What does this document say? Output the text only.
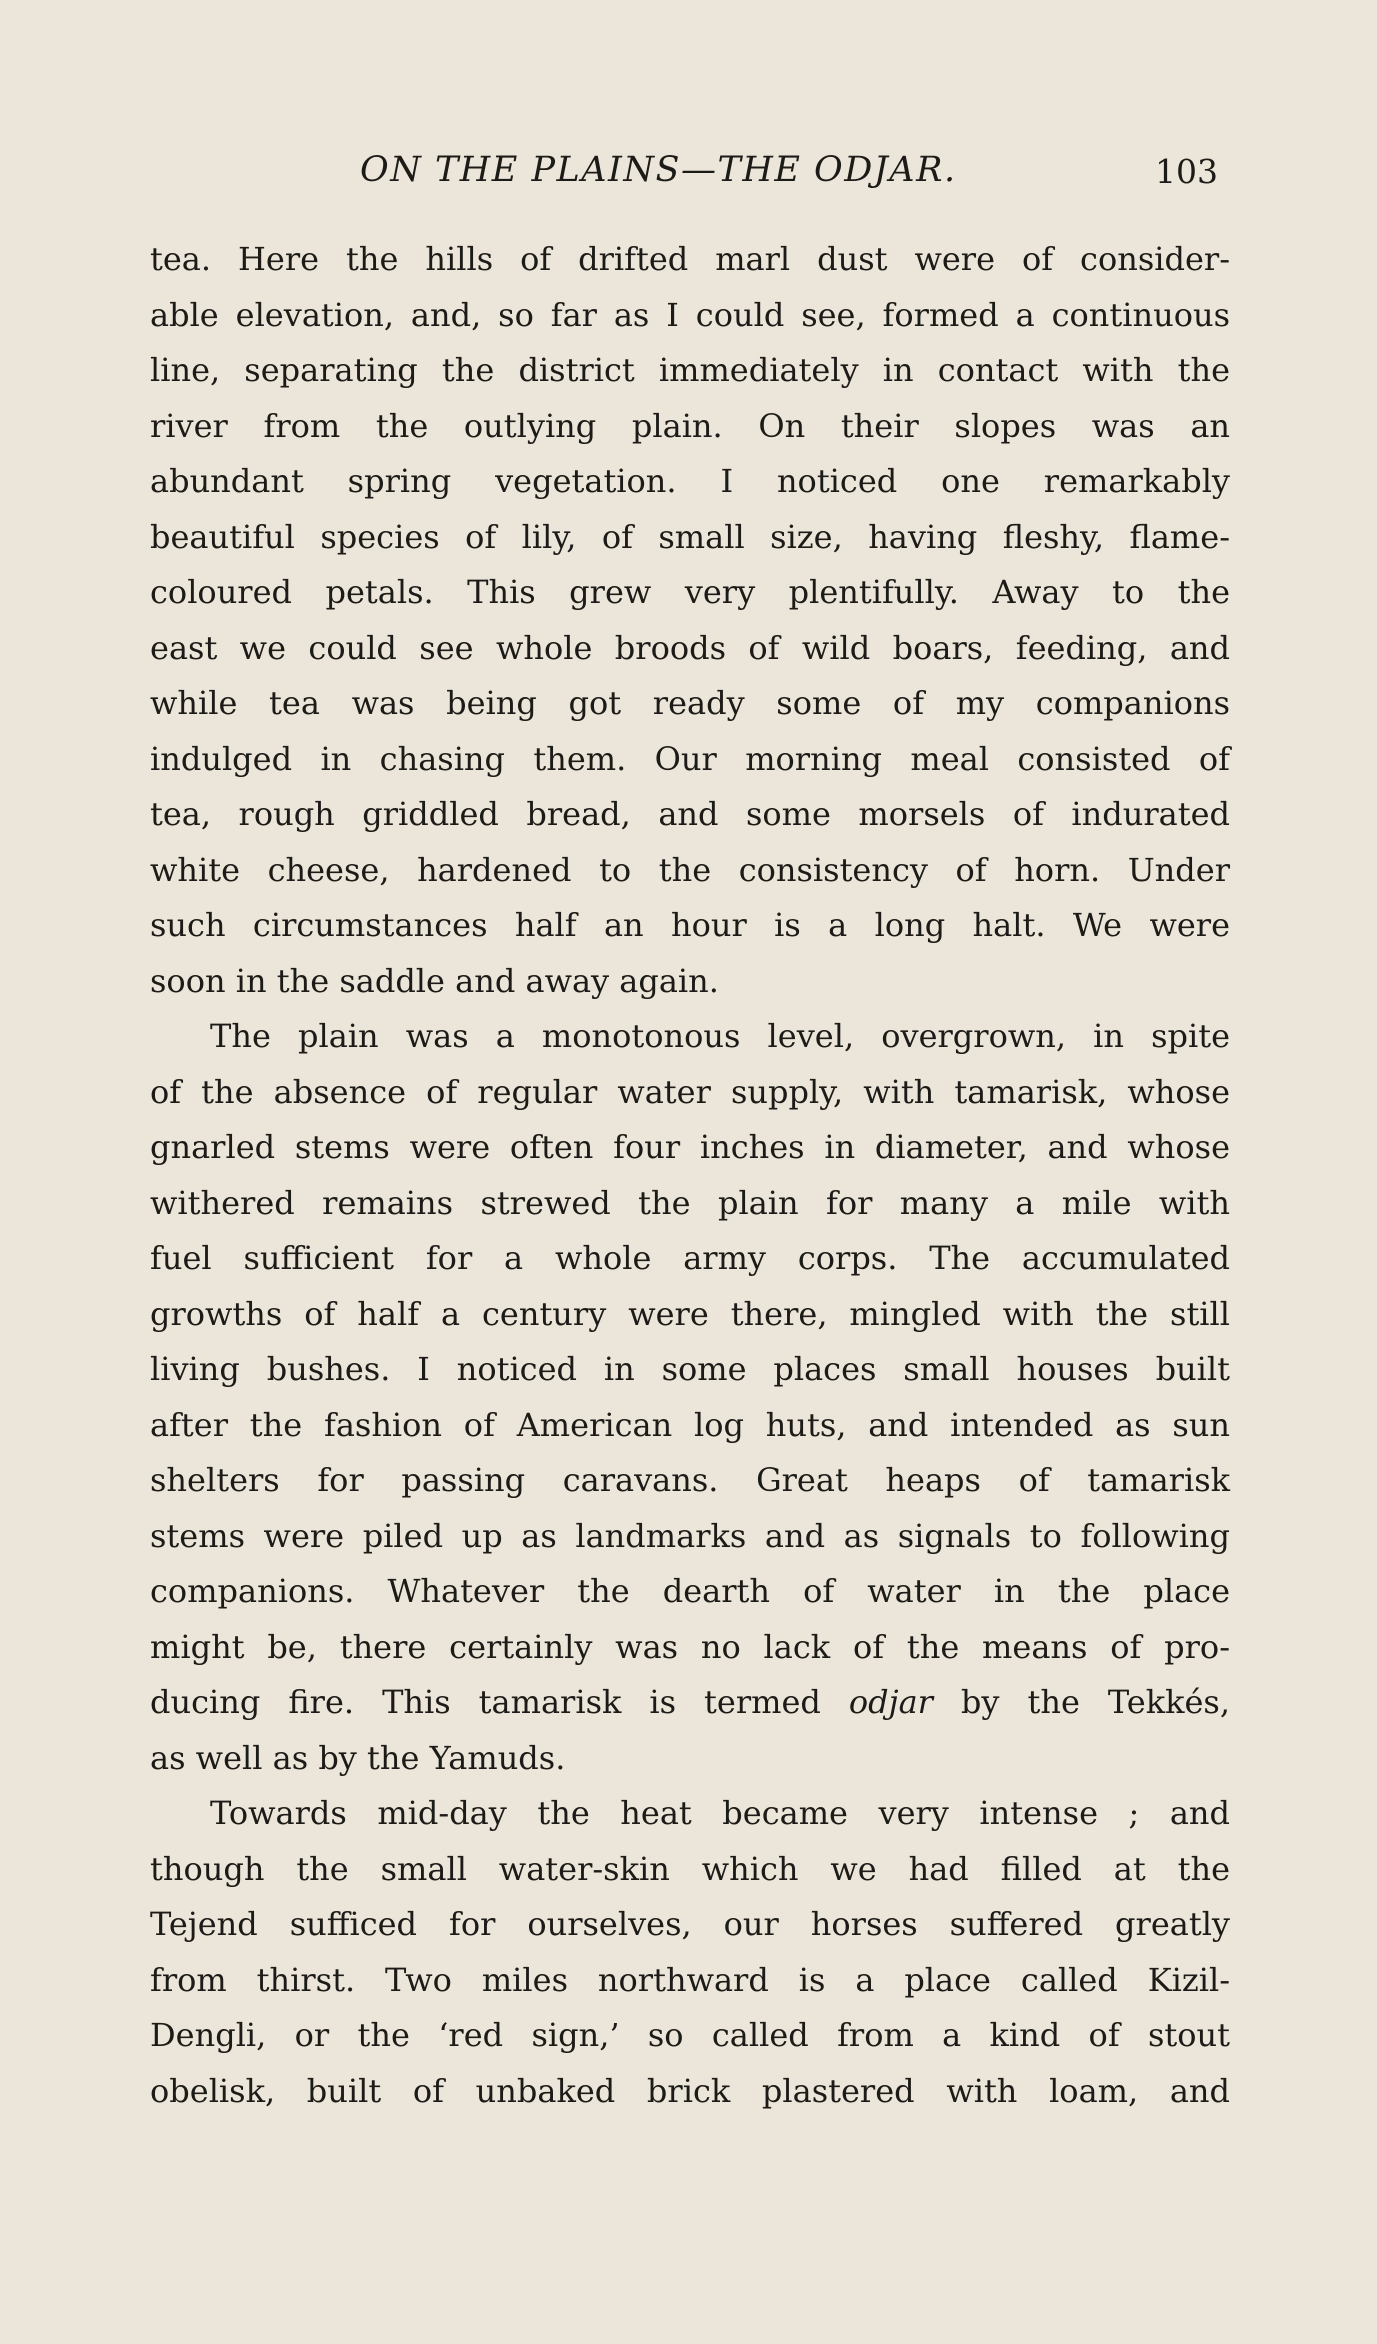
ON THE PLAINS—THE ODJAR.	103
tea. Here the hills of drifted marl dust were of consider-
able elevation, and, so far as I could see, formed a continuous
line, separating the district immediately in contact with the
river from the outlying plain. On their slopes was an
abundant spring vegetation. I noticed one remarkably
beautiful species of lily, of small size, having fleshy, flame-
coloured petals. This grew very plentifully. Away to the
east we could see whole broods of wild boars, feeding, and
while tea was being got ready some of my companions
indulged in chasing them. Our morning meal consisted of
tea, rough griddled bread, and some morsels of indurated
white cheese, hardened to the consistency of horn. Under
such circumstances half an hour is a long halt. We were
soon in the saddle and away again.
The plain was a monotonous level, overgrown, in spite
of the absence of regular water supply, with tamarisk, whose
gnarled stems were often four inches in diameter, and whose
withered remains strewed the plain for many a mile with
fuel sufficient for a whole army corps. The accumulated
growths of half a century were there, mingled with the still
living bushes. I noticed in some places small houses built
after the fashion of American log huts, and intended as sun
shelters for passing caravans. Great heaps of tamarisk
stems were piled up as landmarks and as signals to following
companions. Whatever the dearth of water in the place
might be, there certainly was no lack of the means of pro-
ducing fire. This tamarisk is termed odjar by the Tekkés,
as well as by the Yamuds.
Towards mid-day the heat became very intense ; and
though the small water-skin which we had filled at the
Tejend sufficed for ourselves, our horses suffered greatly
from thirst. Two miles northward is a place called Kizil-
Dengli, or the ‘red sign,’ so called from a kind of stout
obelisk, built of unbaked brick plastered with loam, and
